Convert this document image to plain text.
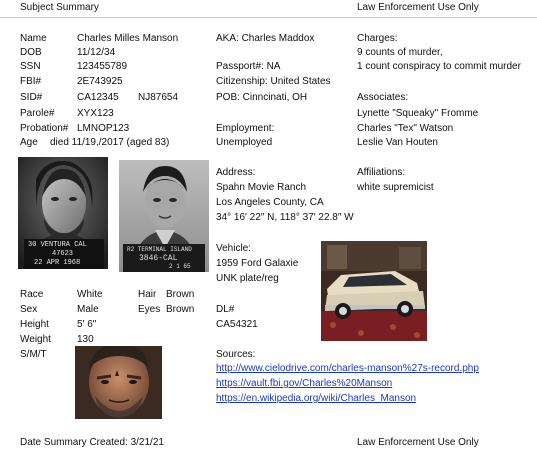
Subject Summary	Law Enforcement Use Only
Name	Charles Milles Manson
DOB	11/12/34
SSN	123455789
FBI#	2E743925
SID#	CA12345 NJ87654
Parole# XYX123
Probation# LMNOP123
Age died 11/19,/2017 (aged 83)
AKA: Charles Maddox
Passport#: NA
Citizenship: United States
POB: Cinncinati, OH
Employment:
Unemployed
Charges:
9 counts of murder,
1 count conspiracy to commit murder
Associates:
Lynette "Squeaky" Fromme
Charles "Tex" Watson
Leslie Van Houten
Affiliations:
white supremicist
Address:
Spahn Movie Ranch
Los Angeles County, CA
34° 16′ 22″ N, 118° 37′ 22.8″ W
30 VENTURA CAL
47623
22 APR 1968
R2 TERMINAL ISLAND
3846-CAL
2 1 65
Vehicle:
1959 Ford Galaxie
UNK plate/reg
DL#
CA54321
Race	White	Hair Brown
Sex	Male	Eyes Brown
Height	5' 6"
Weight	130
S/M/T	Sources:
http://www.cielodrive.com/charles-manson%27s-record.php
https://vault.fbi.gov/Charles%20Manson
https://en.wikipedia.org/wiki/Charles_Manson
Date Summary Created: 3/21/21	Law Enforcement Use Only
